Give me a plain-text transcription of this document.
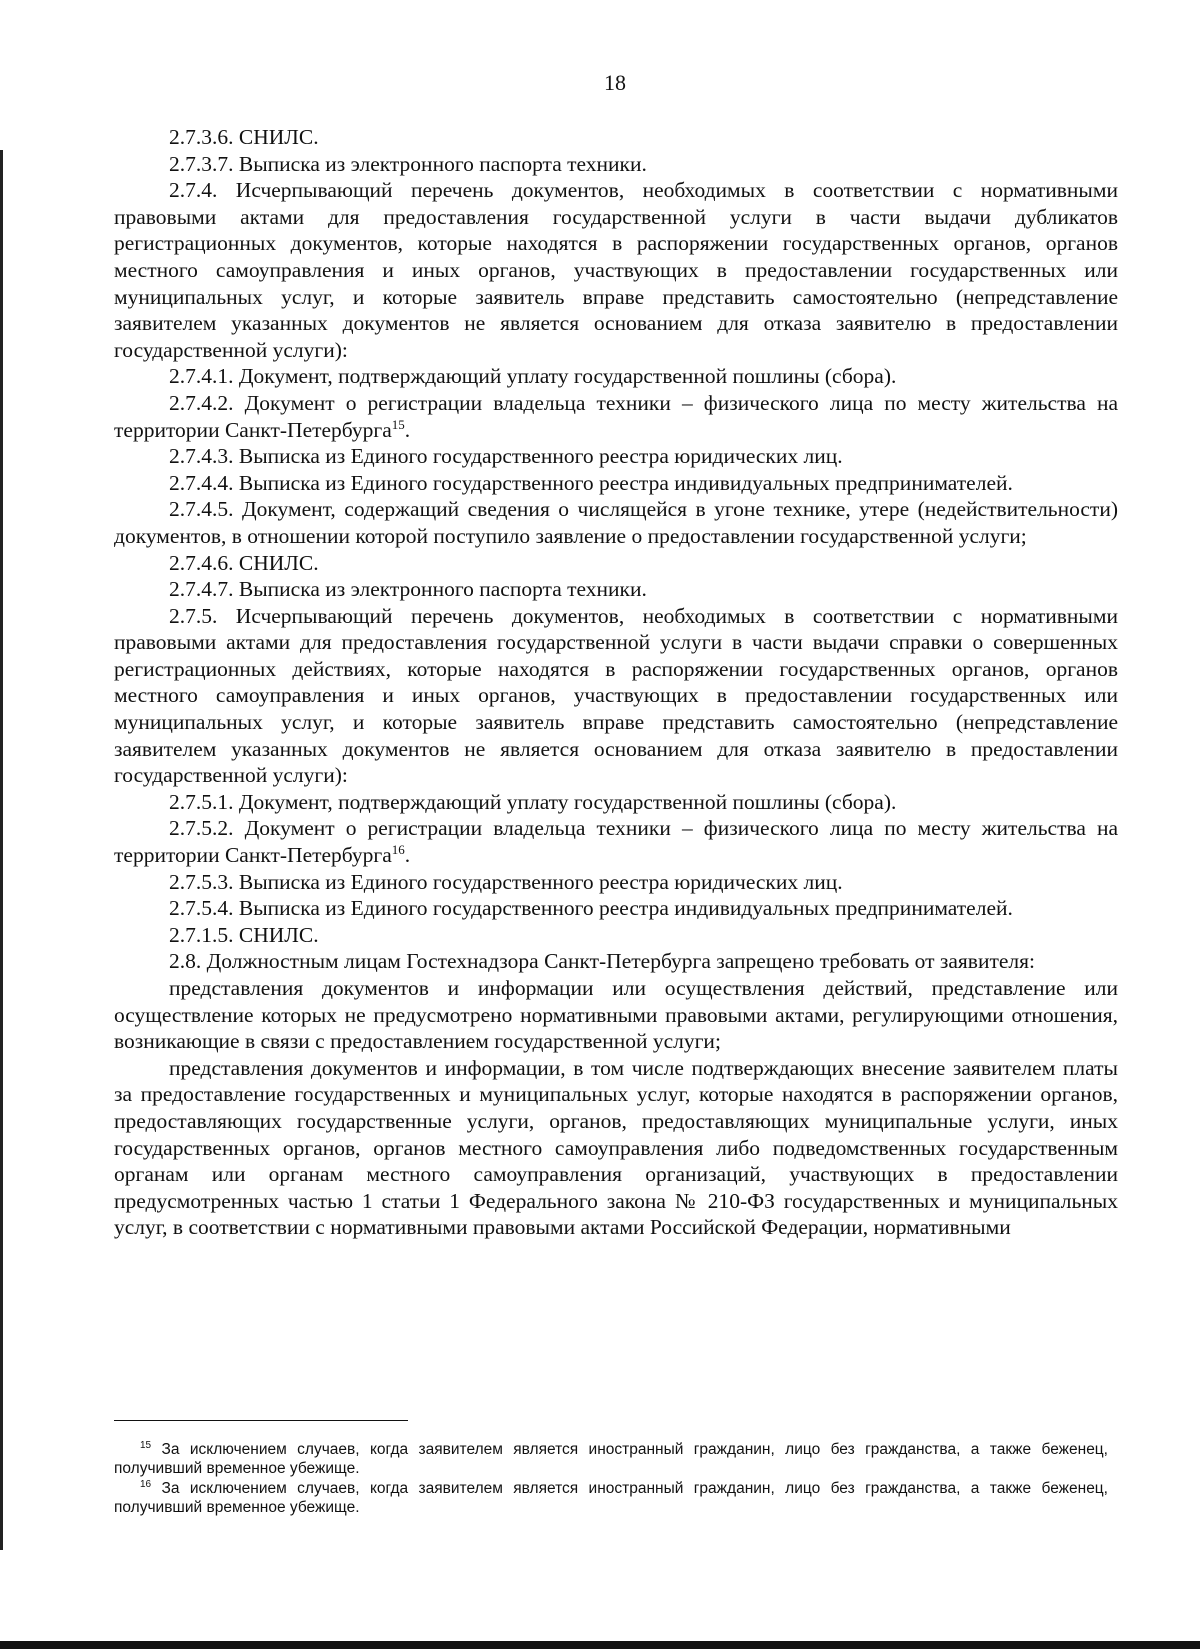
18

2.7.3.6. СНИЛС.

2.7.3.7. Выписка из электронного паспорта техники.

2.7.4. Исчерпывающий перечень документов, необходимых в соответствии с нормативными правовыми актами для предоставления государственной услуги в части выдачи дубликатов регистрационных документов, которые находятся в распоряжении государственных органов, органов местного самоуправления и иных органов, участвующих в предоставлении государственных или муниципальных услуг, и которые заявитель вправе представить самостоятельно (непредставление заявителем указанных документов не является основанием для отказа заявителю в предоставлении государственной услуги):

2.7.4.1. Документ, подтверждающий уплату государственной пошлины (сбора).

2.7.4.2. Документ о регистрации владельца техники – физического лица по месту жительства на территории Санкт-Петербурга$^{15}$.

2.7.4.3. Выписка из Единого государственного реестра юридических лиц.

2.7.4.4. Выписка из Единого государственного реестра индивидуальных предпринимателей.

2.7.4.5. Документ, содержащий сведения о числящейся в угоне технике, утере (недействительности) документов, в отношении которой поступило заявление о предоставлении государственной услуги;

2.7.4.6. СНИЛС.

2.7.4.7. Выписка из электронного паспорта техники.

2.7.5. Исчерпывающий перечень документов, необходимых в соответствии с нормативными правовыми актами для предоставления государственной услуги в части выдачи справки о совершенных регистрационных действиях, которые находятся в распоряжении государственных органов, органов местного самоуправления и иных органов, участвующих в предоставлении государственных или муниципальных услуг, и которые заявитель вправе представить самостоятельно (непредставление заявителем указанных документов не является основанием для отказа заявителю в предоставлении государственной услуги):

2.7.5.1. Документ, подтверждающий уплату государственной пошлины (сбора).

2.7.5.2. Документ о регистрации владельца техники – физического лица по месту жительства на территории Санкт-Петербурга$^{16}$.

2.7.5.3. Выписка из Единого государственного реестра юридических лиц.

2.7.5.4. Выписка из Единого государственного реестра индивидуальных предпринимателей.

2.7.1.5. СНИЛС.

2.8. Должностным лицам Гостехнадзора Санкт-Петербурга запрещено требовать от заявителя:

представления документов и информации или осуществления действий, представление или осуществление которых не предусмотрено нормативными правовыми актами, регулирующими отношения, возникающие в связи с предоставлением государственной услуги;

представления документов и информации, в том числе подтверждающих внесение заявителем платы за предоставление государственных и муниципальных услуг, которые находятся в распоряжении органов, предоставляющих государственные услуги, органов, предоставляющих муниципальные услуги, иных государственных органов, органов местного самоуправления либо подведомственных государственным органам или органам местного самоуправления организаций, участвующих в предоставлении предусмотренных частью 1 статьи 1 Федерального закона № 210-ФЗ государственных и муниципальных услуг, в соответствии с нормативными правовыми актами Российской Федерации, нормативными

$^{15}$ За исключением случаев, когда заявителем является иностранный гражданин, лицо без гражданства, а также беженец, получивший временное убежище.

$^{16}$ За исключением случаев, когда заявителем является иностранный гражданин, лицо без гражданства, а также беженец, получивший временное убежище.
